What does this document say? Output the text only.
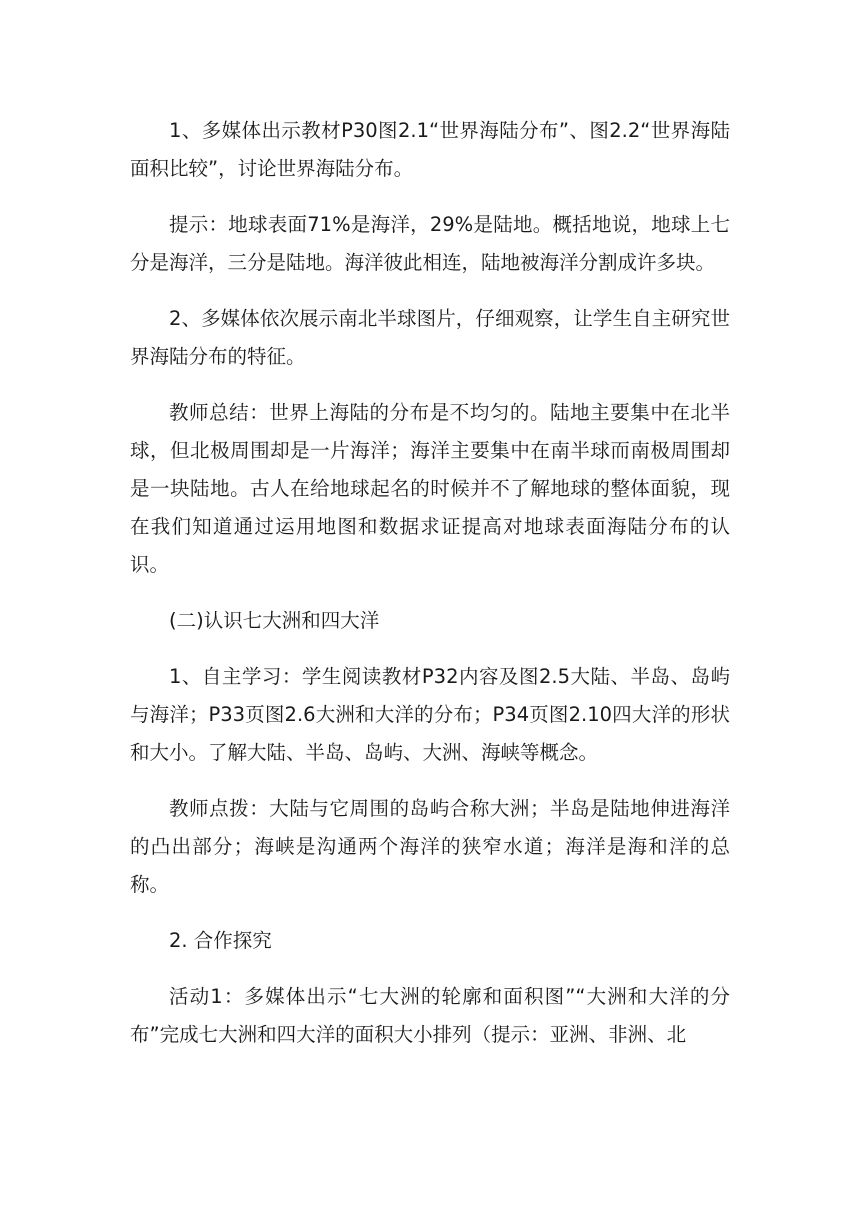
1、多媒体出示教材P30图2.1“世界海陆分布”、图2.2“世界海陆面积比较”，讨论世界海陆分布。

提示：地球表面71%是海洋，29%是陆地。概括地说，地球上七分是海洋，三分是陆地。海洋彼此相连，陆地被海洋分割成许多块。

2、多媒体依次展示南北半球图片，仔细观察，让学生自主研究世界海陆分布的特征。

教师总结：世界上海陆的分布是不均匀的。陆地主要集中在北半球，但北极周围却是一片海洋；海洋主要集中在南半球而南极周围却是一块陆地。古人在给地球起名的时候并不了解地球的整体面貌，现在我们知道通过运用地图和数据求证提高对地球表面海陆分布的认识。

(二)认识七大洲和四大洋

1、自主学习：学生阅读教材P32内容及图2.5大陆、半岛、岛屿与海洋；P33页图2.6大洲和大洋的分布；P34页图2.10四大洋的形状和大小。了解大陆、半岛、岛屿、大洲、海峡等概念。

教师点拨：大陆与它周围的岛屿合称大洲；半岛是陆地伸进海洋的凸出部分；海峡是沟通两个海洋的狭窄水道；海洋是海和洋的总称。

2. 合作探究

活动1：多媒体出示“七大洲的轮廓和面积图”“大洲和大洋的分布”完成七大洲和四大洋的面积大小排列（提示：亚洲、非洲、北
